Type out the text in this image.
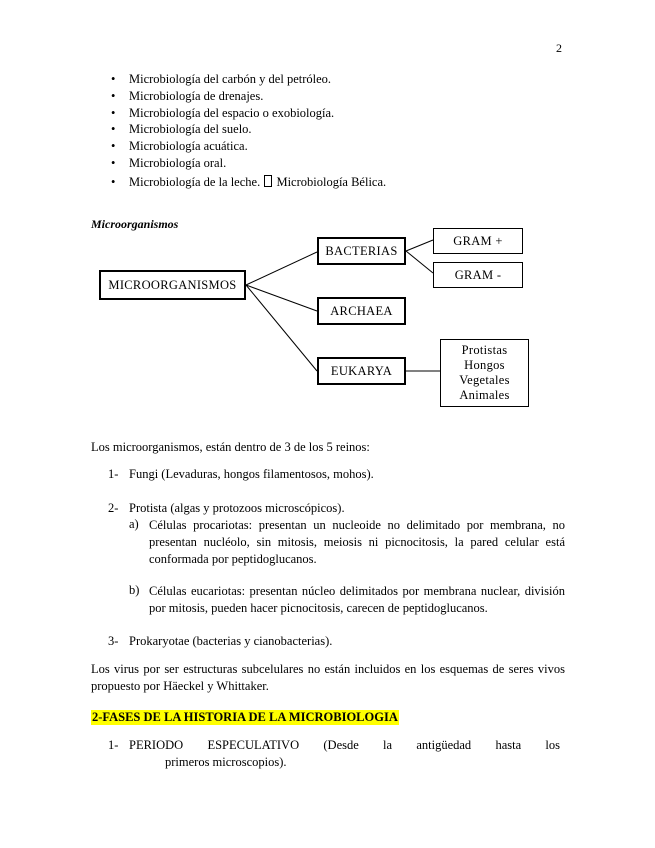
2
• Microbiología del carbón y del petróleo.
• Microbiología de drenajes.
• Microbiología del espacio o exobiología.
• Microbiología del suelo.
• Microbiología acuática.
• Microbiología oral.
• Microbiología de la leche. Microbiología Bélica.
Microorganismos
MICROORGANISMOS
BACTERIAS
ARCHAEA
EUKARYA
GRAM +
GRAM -
Protistas
Hongos
Vegetales
Animales
Los microorganismos, están dentro de 3 de los 5 reinos:
1- Fungi (Levaduras, hongos filamentosos, mohos).
2- Protista (algas y protozoos microscópicos).
a) Células procariotas: presentan un nucleoide no delimitado por membrana, no
presentan nucléolo, sin mitosis, meiosis ni picnocitosis, la pared celular está
conformada por peptidoglucanos.
b) Células eucariotas: presentan núcleo delimitados por membrana nuclear, división
por mitosis, pueden hacer picnocitosis, carecen de peptidoglucanos.
3- Prokaryotae (bacterias y cianobacterias).
Los virus por ser estructuras subcelulares no están incluidos en los esquemas de seres vivos
propuesto por Häeckel y Whittaker.
2-FASES DE LA HISTORIA DE LA MICROBIOLOGIA
1- PERIODO ESPECULATIVO (Desde la antigüedad hasta los
primeros microscopios).
